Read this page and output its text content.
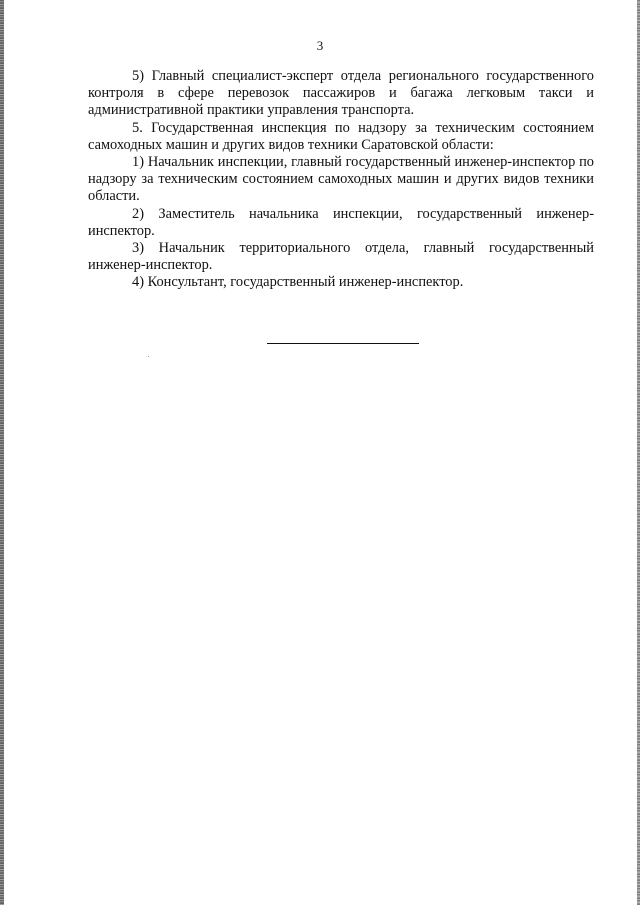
3

5) Главный специалист-эксперт отдела регионального государственного контроля в сфере перевозок пассажиров и багажа легковым такси и административной практики управления транспорта.

5. Государственная инспекция по надзору за техническим состоянием самоходных машин и других видов техники Саратовской области:

1) Начальник инспекции, главный государственный инженер-инспектор по надзору за техническим состоянием самоходных машин и других видов техники области.

2) Заместитель начальника инспекции, государственный инженер-инспектор.

3) Начальник территориального отдела, главный государственный инженер-инспектор.

4) Консультант, государственный инженер-инспектор.
